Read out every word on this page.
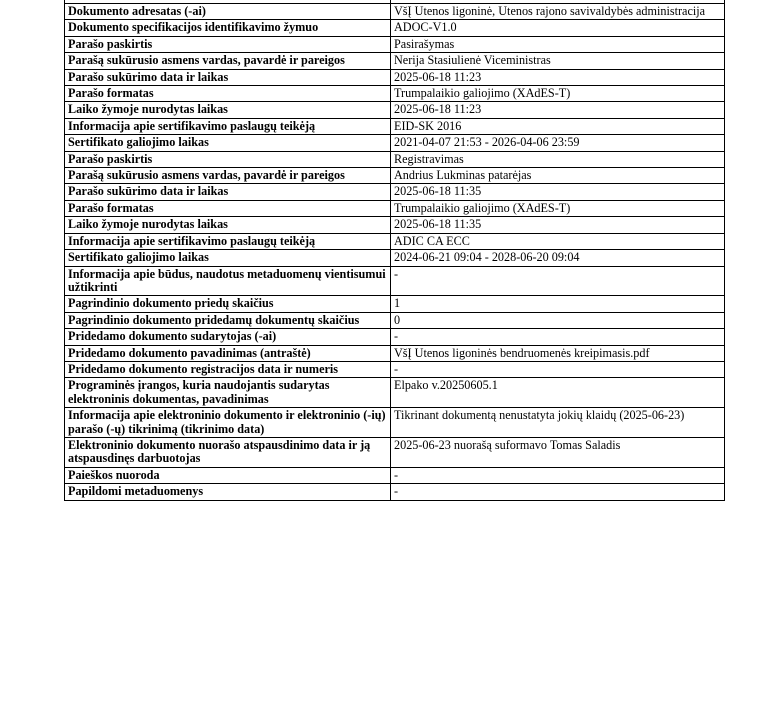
Dokumento adresatas (-ai)	VšĮ Utenos ligoninė, Utenos rajono savivaldybės administracija
Dokumento specifikacijos identifikavimo žymuo	ADOC-V1.0
Parašo paskirtis	Pasirašymas
Parašą sukūrusio asmens vardas, pavardė ir pareigos	Nerija Stasiulienė Viceministras
Parašo sukūrimo data ir laikas	2025-06-18 11:23
Parašo formatas	Trumpalaikio galiojimo (XAdES-T)
Laiko žymoje nurodytas laikas	2025-06-18 11:23
Informacija apie sertifikavimo paslaugų teikėją	EID-SK 2016
Sertifikato galiojimo laikas	2021-04-07 21:53 - 2026-04-06 23:59
Parašo paskirtis	Registravimas
Parašą sukūrusio asmens vardas, pavardė ir pareigos	Andrius Lukminas patarėjas
Parašo sukūrimo data ir laikas	2025-06-18 11:35
Parašo formatas	Trumpalaikio galiojimo (XAdES-T)
Laiko žymoje nurodytas laikas	2025-06-18 11:35
Informacija apie sertifikavimo paslaugų teikėją	ADIC CA ECC
Sertifikato galiojimo laikas	2024-06-21 09:04 - 2028-06-20 09:04
Informacija apie būdus, naudotus metaduomenų vientisumui užtikrinti	-
Pagrindinio dokumento priedų skaičius	1
Pagrindinio dokumento pridedamų dokumentų skaičius	0
Pridedamo dokumento sudarytojas (-ai)	-
Pridedamo dokumento pavadinimas (antraštė)	VšĮ Utenos ligoninės bendruomenės kreipimasis.pdf
Pridedamo dokumento registracijos data ir numeris	-
Programinės įrangos, kuria naudojantis sudarytas elektroninis dokumentas, pavadinimas	Elpako v.20250605.1
Informacija apie elektroninio dokumento ir elektroninio (-ių) parašo (-ų) tikrinimą (tikrinimo data)	Tikrinant dokumentą nenustatyta jokių klaidų (2025-06-23)
Elektroninio dokumento nuorašo atspausdinimo data ir ją atspausdinęs darbuotojas	2025-06-23 nuorašą suformavo Tomas Saladis
Paieškos nuoroda	-
Papildomi metaduomenys	-
